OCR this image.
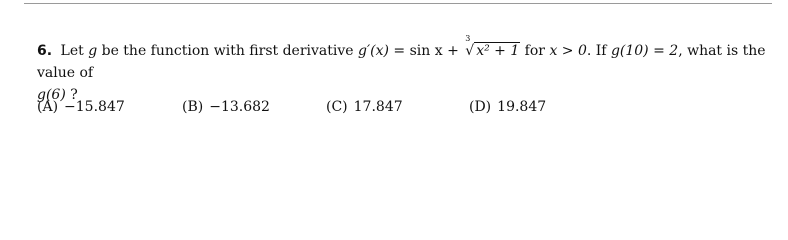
6. Let g be the function with first derivative g′(x) = sin x +
3
√ x² + 1 for x > 0. If g(10) = 2, what is the value of
g(6) ?
(A) −15.847	(B) −13.682	(C) 17.847	(D) 19.847
